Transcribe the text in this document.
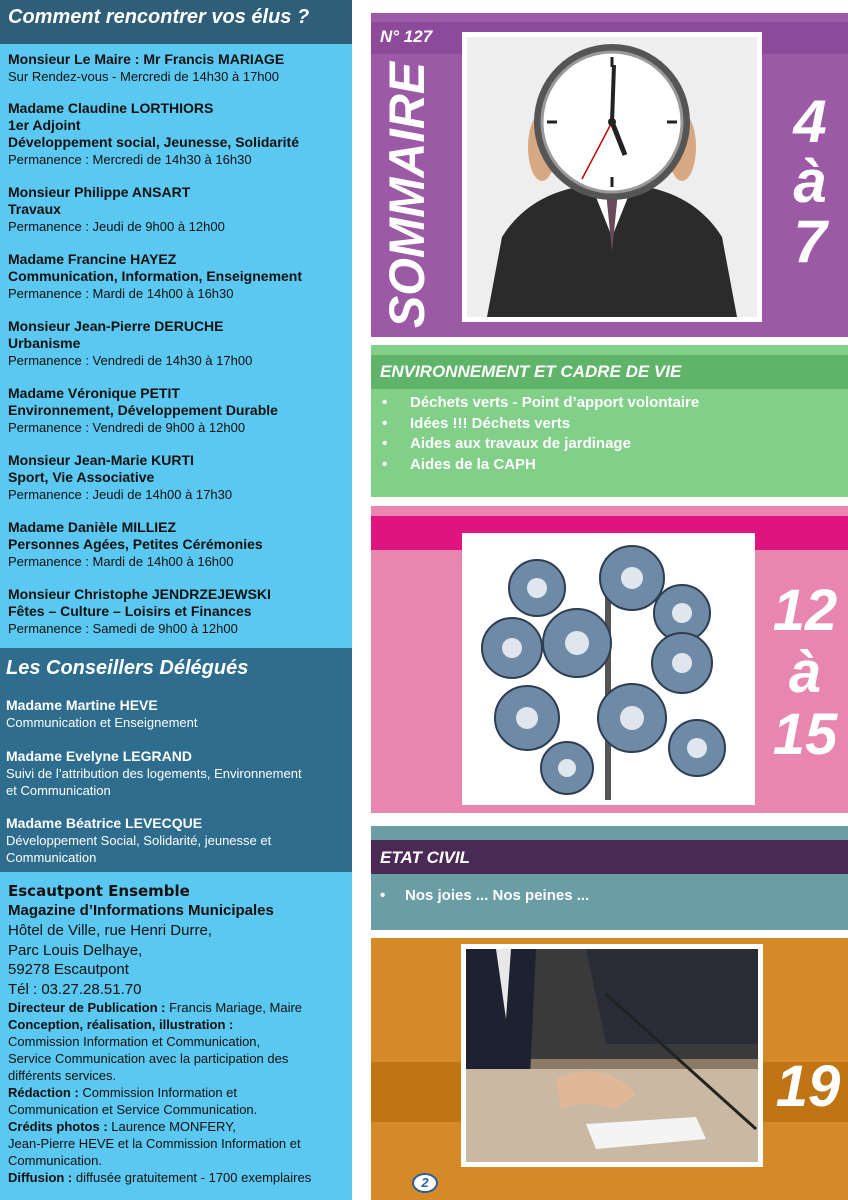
Comment rencontrer vos élus ?
Monsieur Le Maire : Mr Francis MARIAGE
Sur Rendez-vous - Mercredi de 14h30 à 17h00
Madame Claudine LORTHIORS
1er Adjoint
Développement social, Jeunesse, Solidarité
Permanence : Mercredi de 14h30 à 16h30
Monsieur Philippe ANSART
Travaux
Permanence : Jeudi de 9h00 à 12h00
Madame Francine HAYEZ
Communication, Information, Enseignement
Permanence : Mardi de 14h00 à 16h30
Monsieur Jean-Pierre DERUCHE
Urbanisme
Permanence : Vendredi de 14h30 à 17h00
Madame Véronique PETIT
Environnement, Développement Durable
Permanence : Vendredi de 9h00 à 12h00
Monsieur Jean-Marie KURTI
Sport, Vie Associative
Permanence : Jeudi de 14h00 à 17h30
Madame Danièle MILLIEZ
Personnes Agées, Petites Cérémonies
Permanence : Mardi de 14h00 à 16h00
Monsieur Christophe JENDRZEJEWSKI
Fêtes – Culture – Loisirs et Finances
Permanence : Samedi de 9h00 à 12h00
Les Conseillers Délégués
Madame Martine HEVE
Communication et Enseignement
Madame Evelyne LEGRAND
Suivi de l’attribution des logements, Environnement
et Communication
Madame Béatrice LEVECQUE
Développement Social, Solidarité, jeunesse et
Communication
Escautpont Ensemble
Magazine d’Informations Municipales
Hôtel de Ville, rue Henri Durre,
Parc Louis Delhaye,
59278 Escautpont
Tél : 03.27.28.51.70
Directeur de Publication : Francis Mariage, Maire
Conception, réalisation, illustration :
Commission Information et Communication,
Service Communication avec la participation des
différents services.
Rédaction : Commission Information et
Communication et Service Communication.
Crédits photos : Laurence MONFERY,
Jean-Pierre HEVE et la Commission Information et
Communication.
Diffusion : diffusée gratuitement - 1700 exemplaires
N° 127
SOMMAIRE	4
à
7
ENVIRONNEMENT ET CADRE DE VIE
• Déchets verts - Point d’apport volontaire
• Idées !!! Déchets verts
• Aides aux travaux de jardinage
• Aides de la CAPH
12
à
15
ETAT CIVIL
• Nos joies ... Nos peines ...
19
2
